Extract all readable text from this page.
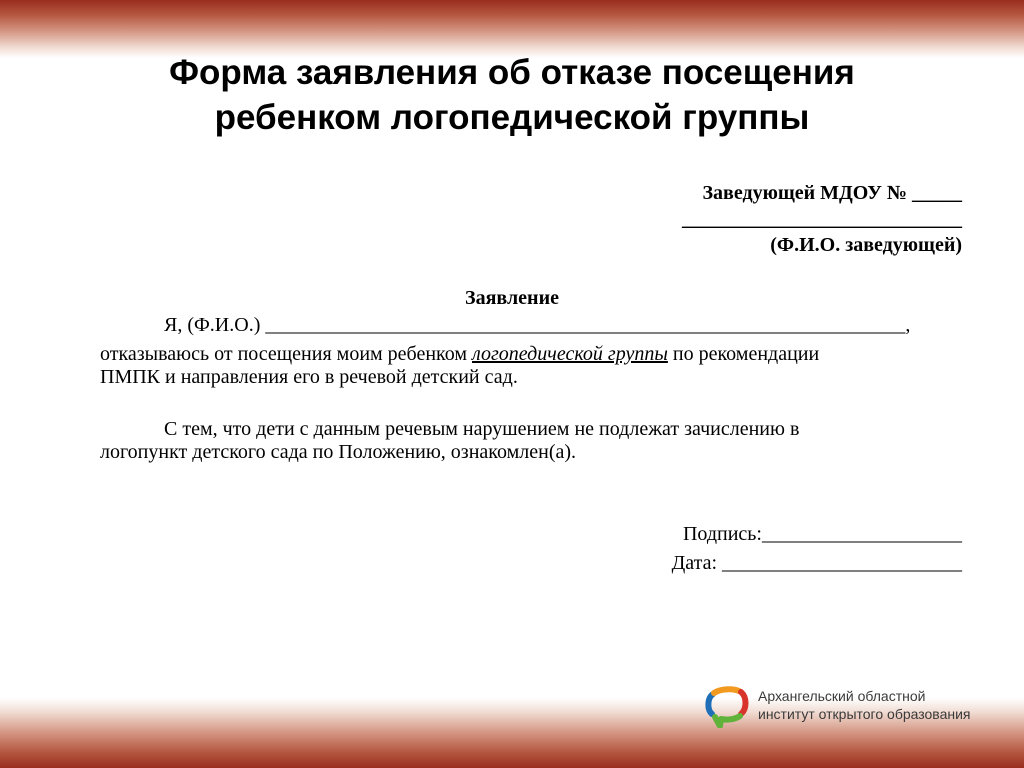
Форма заявления об отказе посещения
ребенком логопедической группы
Заведующей МДОУ № _____
____________________________
(Ф.И.О. заведующей)
Заявление
Я, (Ф.И.О.) ________________________________________________________________,
отказываюсь от посещения моим ребенком логопедической группы по рекомендации
ПМПК и направления его в речевой детский сад.
С тем, что дети с данным речевым нарушением не подлежат зачислению в
логопункт детского сада по Положению, ознакомлен(а).
Подпись:____________________
Дата: ________________________
Архангельский областной
институт открытого образования
